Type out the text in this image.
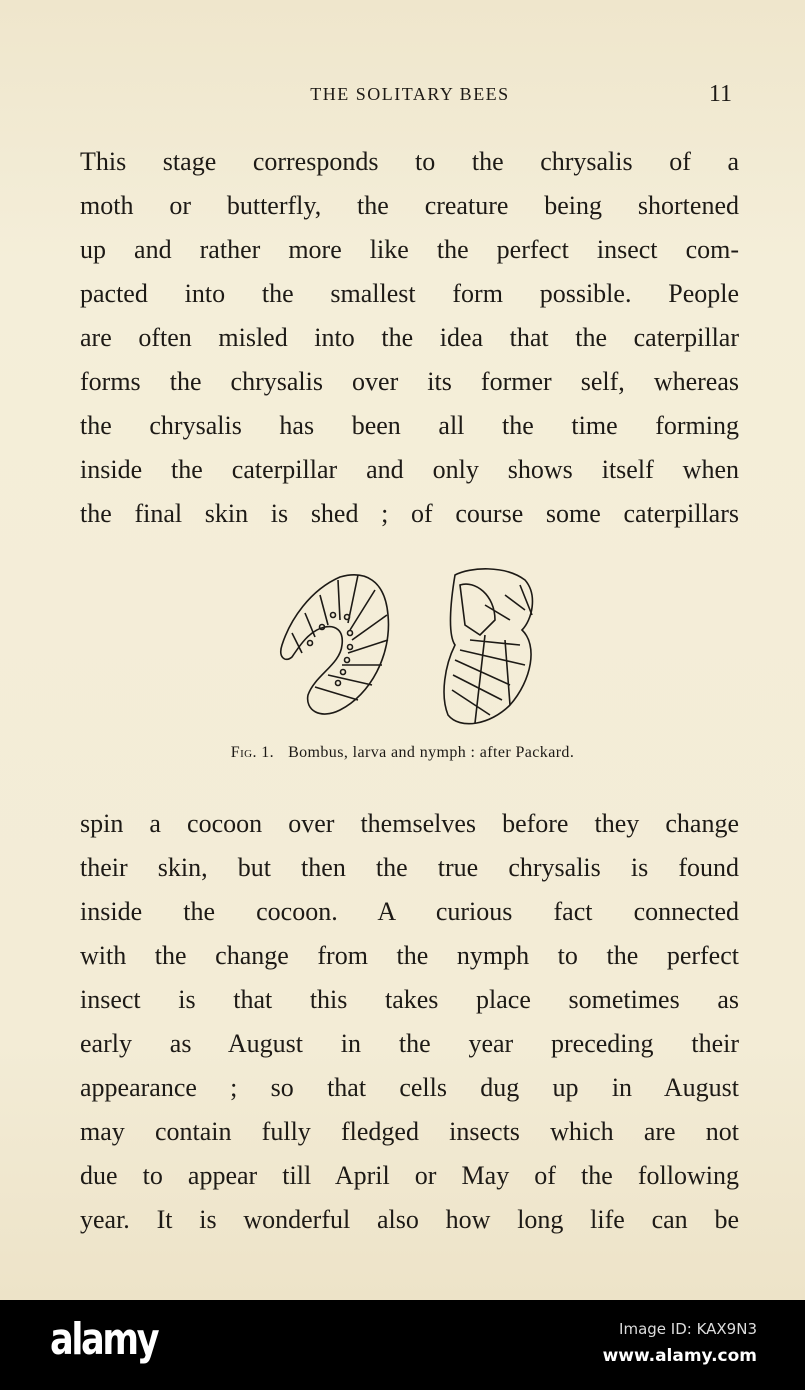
THE SOLITARY BEES	11
This stage corresponds to the chrysalis of a
moth or butterfly, the creature being shortened
up and rather more like the perfect insect com-
pacted into the smallest form possible. People
are often misled into the idea that the caterpillar
forms the chrysalis over its former self, whereas
the chrysalis has been all the time forming
inside the caterpillar and only shows itself when
the final skin is shed ; of course some caterpillars
Fig. 1. Bombus, larva and nymph : after Packard.
spin a cocoon over themselves before they change
their skin, but then the true chrysalis is found
inside the cocoon. A curious fact connected
with the change from the nymph to the perfect
insect is that this takes place sometimes as
early as August in the year preceding their
appearance ; so that cells dug up in August
may contain fully fledged insects which are not
due to appear till April or May of the following
year. It is wonderful also how long life can be
alamy	Image ID: KAX9N3
www.alamy.com
